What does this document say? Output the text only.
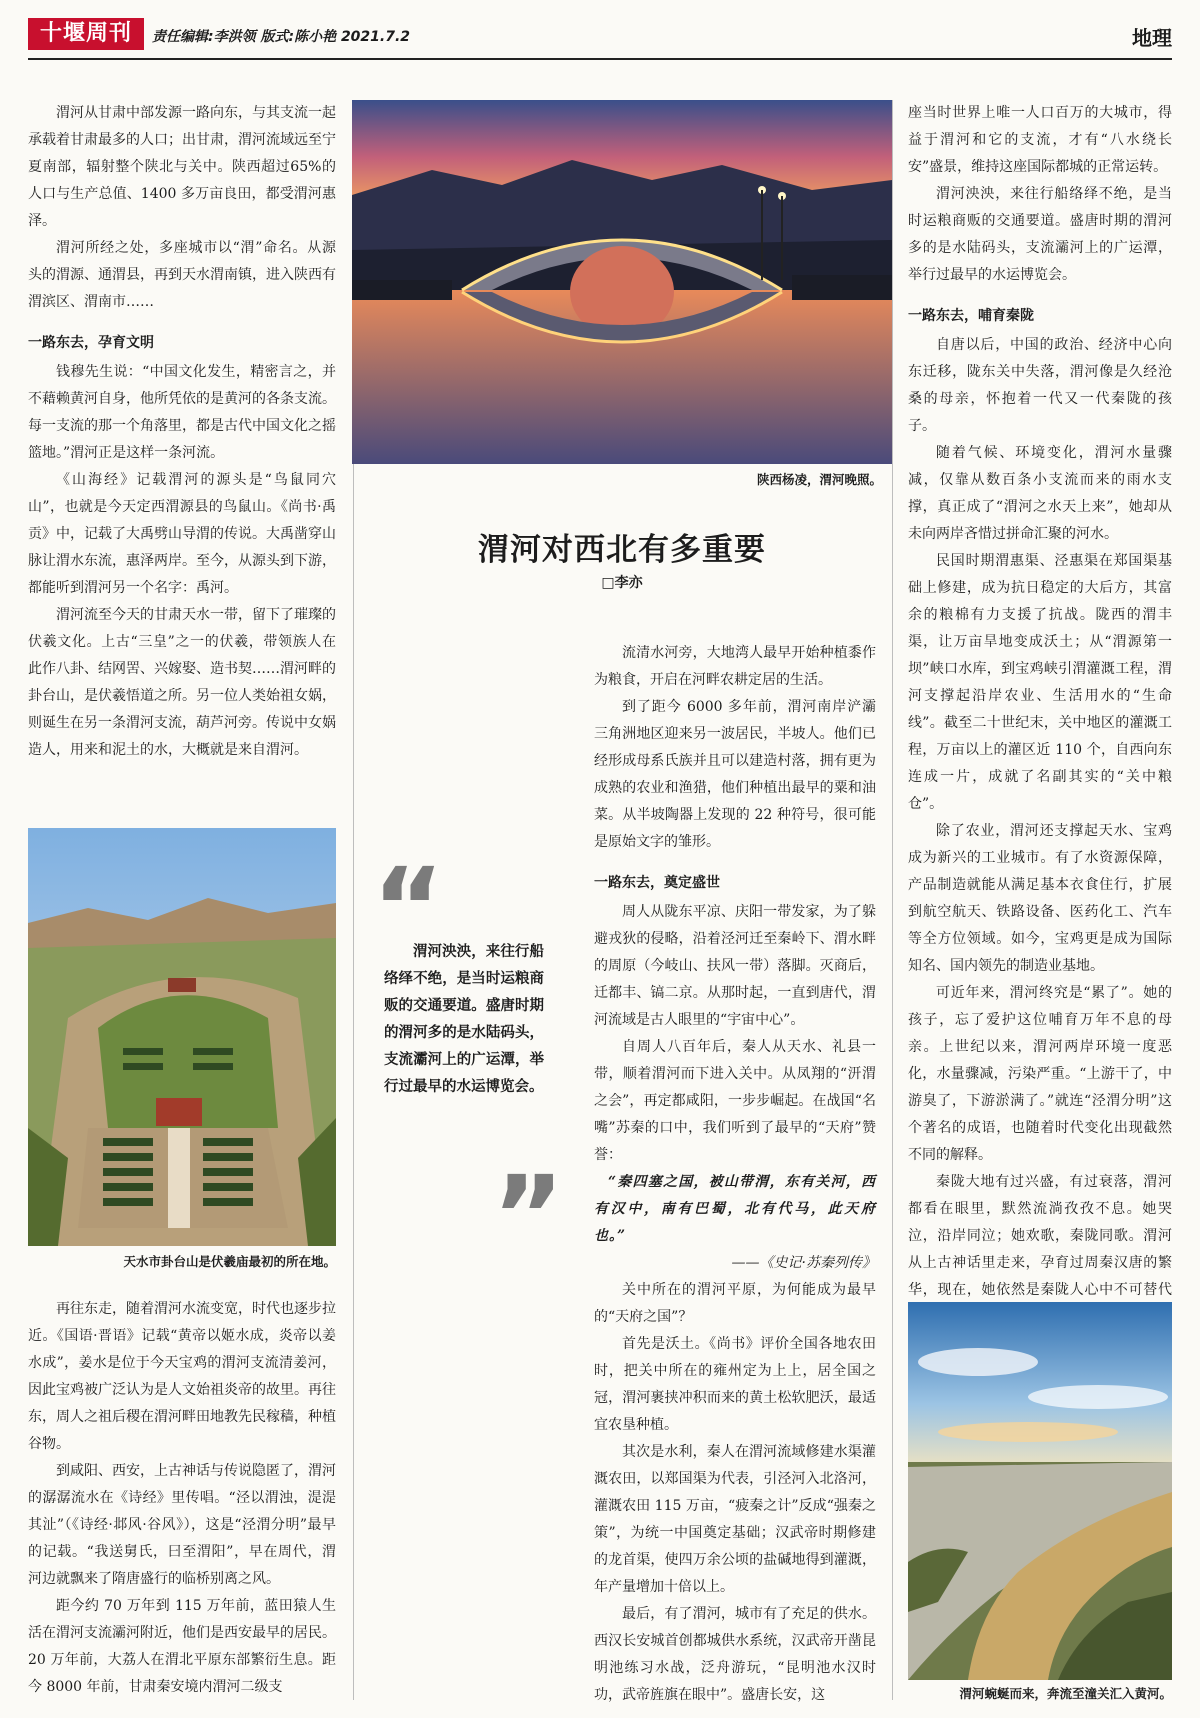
十堰周刊	责任编辑:李洪领 版式:陈小艳 2021.7.2	地理

渭河从甘肃中部发源一路向东，与其支流一起承载着甘肃最多的人口；出甘肃，渭河流域远至宁夏南部，辐射整个陕北与关中。陕西超过65%的人口与生产总值、1400 多万亩良田，都受渭河惠泽。

渭河所经之处，多座城市以“渭”命名。从源头的渭源、通渭县，再到天水渭南镇，进入陕西有渭滨区、渭南市……

一路东去，孕育文明

钱穆先生说：“中国文化发生，精密言之，并不藉赖黄河自身，他所凭依的是黄河的各条支流。每一支流的那一个角落里，都是古代中国文化之摇篮地。”渭河正是这样一条河流。

《山海经》记载渭河的源头是“鸟鼠同穴山”，也就是今天定西渭源县的鸟鼠山。《尚书·禹贡》中，记载了大禹劈山导渭的传说。大禹凿穿山脉让渭水东流，惠泽两岸。至今，从源头到下游，都能听到渭河另一个名字：禹河。

渭河流至今天的甘肃天水一带，留下了璀璨的伏羲文化。上古“三皇”之一的伏羲，带领族人在此作八卦、结网罟、兴嫁娶、造书契……渭河畔的卦台山，是伏羲悟道之所。另一位人类始祖女娲，则诞生在另一条渭河支流，葫芦河旁。传说中女娲造人，用来和泥土的水，大概就是来自渭河。

天水市卦台山是伏羲庙最初的所在地。

再往东走，随着渭河水流变宽，时代也逐步拉近。《国语·晋语》记载“黄帝以姬水成，炎帝以姜水成”，姜水是位于今天宝鸡的渭河支流清姜河，因此宝鸡被广泛认为是人文始祖炎帝的故里。再往东，周人之祖后稷在渭河畔田地教先民稼穑，种植谷物。

到咸阳、西安，上古神话与传说隐匿了，渭河的潺潺流水在《诗经》里传唱。“泾以渭浊，湜湜其沚”（《诗经·邶风·谷风》），这是“泾渭分明”最早的记载。“我送舅氏，曰至渭阳”，早在周代，渭河边就飘来了隋唐盛行的临桥别离之风。

距今约 70 万年到 115 万年前，蓝田猿人生活在渭河支流灞河附近，他们是西安最早的居民。20 万年前，大荔人在渭北平原东部繁衍生息。距今 8000 年前，甘肃秦安境内渭河二级支

陕西杨凌，渭河晚照。
渭河对西北有多重要
□李亦
“
渭河泱泱，来往行船络绎不绝，是当时运粮商贩的交通要道。盛唐时期的渭河多的是水陆码头，支流灞河上的广运潭，举行过最早的水运博览会。
”

流清水河旁，大地湾人最早开始种植黍作为粮食，开启在河畔农耕定居的生活。

到了距今 6000 多年前，渭河南岸浐灞三角洲地区迎来另一波居民，半坡人。他们已经形成母系氏族并且可以建造村落，拥有更为成熟的农业和渔猎，他们种植出最早的粟和油菜。从半坡陶器上发现的 22 种符号，很可能是原始文字的雏形。

一路东去，奠定盛世

周人从陇东平凉、庆阳一带发家，为了躲避戎狄的侵略，沿着泾河迁至秦岭下、渭水畔的周原（今岐山、扶风一带）落脚。灭商后，迁都丰、镐二京。从那时起，一直到唐代，渭河流域是古人眼里的“宇宙中心”。

自周人八百年后，秦人从天水、礼县一带，顺着渭河而下进入关中。从凤翔的“汧渭之会”，再定都咸阳，一步步崛起。在战国“名嘴”苏秦的口中，我们听到了最早的“天府”赞誉：

“秦四塞之国，被山带渭，东有关河，西有汉中，南有巴蜀，北有代马，此天府也。”

——《史记·苏秦列传》

关中所在的渭河平原，为何能成为最早的“天府之国”？

首先是沃土。《尚书》评价全国各地农田时，把关中所在的雍州定为上上，居全国之冠，渭河裹挟冲积而来的黄土松软肥沃，最适宜农垦种植。

其次是水利，秦人在渭河流域修建水渠灌溉农田，以郑国渠为代表，引泾河入北洛河，灌溉农田 115 万亩，“疲秦之计”反成“强秦之策”，为统一中国奠定基础；汉武帝时期修建的龙首渠，使四万余公顷的盐碱地得到灌溉，年产量增加十倍以上。

最后，有了渭河，城市有了充足的供水。西汉长安城首创都城供水系统，汉武帝开凿昆明池练习水战，泛舟游玩，“昆明池水汉时功，武帝旌旗在眼中”。盛唐长安，这

座当时世界上唯一人口百万的大城市，得益于渭河和它的支流，才有“八水绕长安”盛景，维持这座国际都城的正常运转。

渭河泱泱，来往行船络绎不绝，是当时运粮商贩的交通要道。盛唐时期的渭河多的是水陆码头，支流灞河上的广运潭，举行过最早的水运博览会。

一路东去，哺育秦陇

自唐以后，中国的政治、经济中心向东迁移，陇东关中失落，渭河像是久经沧桑的母亲，怀抱着一代又一代秦陇的孩子。

随着气候、环境变化，渭河水量骤减，仅靠从数百条小支流而来的雨水支撑，真正成了“渭河之水天上来”，她却从未向两岸吝惜过拼命汇聚的河水。

民国时期渭惠渠、泾惠渠在郑国渠基础上修建，成为抗日稳定的大后方，其富余的粮棉有力支援了抗战。陇西的渭丰渠，让万亩旱地变成沃土；从“渭源第一坝”峡口水库，到宝鸡峡引渭灌溉工程，渭河支撑起沿岸农业、生活用水的“生命线”。截至二十世纪末，关中地区的灌溉工程，万亩以上的灌区近 110 个，自西向东连成一片，成就了名副其实的“关中粮仓”。

除了农业，渭河还支撑起天水、宝鸡成为新兴的工业城市。有了水资源保障，产品制造就能从满足基本衣食住行，扩展到航空航天、铁路设备、医药化工、汽车等全方位领域。如今，宝鸡更是成为国际知名、国内领先的制造业基地。

可近年来，渭河终究是“累了”。她的孩子，忘了爱护这位哺育万年不息的母亲。上世纪以来，渭河两岸环境一度恶化，水量骤减，污染严重。“上游干了，中游臭了，下游淤满了。”就连“泾渭分明”这个著名的成语，也随着时代变化出现截然不同的解释。

秦陇大地有过兴盛，有过衰落，渭河都看在眼里，默然流淌孜孜不息。她哭泣，沿岸同泣；她欢歌，秦陇同歌。渭河从上古神话里走来，孕育过周秦汉唐的繁华，现在，她依然是秦陇人心中不可替代

渭河蜿蜒而来，奔流至潼关汇入黄河。
